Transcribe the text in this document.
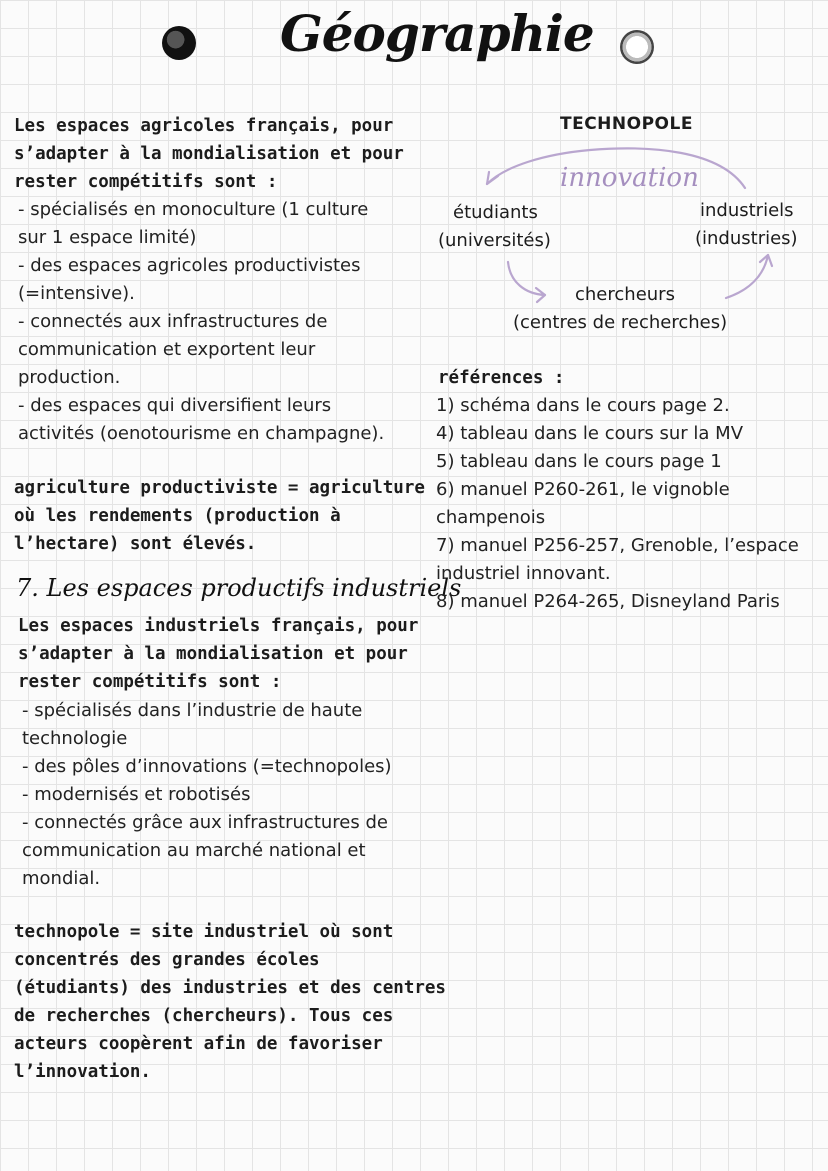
Géographie
Les espaces agricoles français, pour
s’adapter à la mondialisation et pour
rester compétitifs sont :
- spécialisés en monoculture (1 culture
sur 1 espace limité)
- des espaces agricoles productivistes
(=intensive).
- connectés aux infrastructures de
communication et exportent leur
production.
- des espaces qui diversifient leurs
activités (oenotourisme en champagne).
agriculture productiviste = agriculture
où les rendements (production à
l’hectare) sont élevés.
7. Les espaces productifs industriels
Les espaces industriels français, pour
s’adapter à la mondialisation et pour
rester compétitifs sont :
- spécialisés dans l’industrie de haute
technologie
- des pôles d’innovations (=technopoles)
- modernisés et robotisés
- connectés grâce aux infrastructures de
communication au marché national et
mondial.
technopole = site industriel où sont
concentrés des grandes écoles
(étudiants) des industries et des centres
de recherches (chercheurs). Tous ces
acteurs coopèrent afin de favoriser
l’innovation.
TECHNOPOLE
innovation
étudiants
(universités)
industriels
(industries)
chercheurs
(centres de recherches)
références :
1) schéma dans le cours page 2.
4) tableau dans le cours sur la MV
5) tableau dans le cours page 1
6) manuel P260-261, le vignoble
champenois
7) manuel P256-257, Grenoble, l’espace
industriel innovant.
8) manuel P264-265, Disneyland Paris
